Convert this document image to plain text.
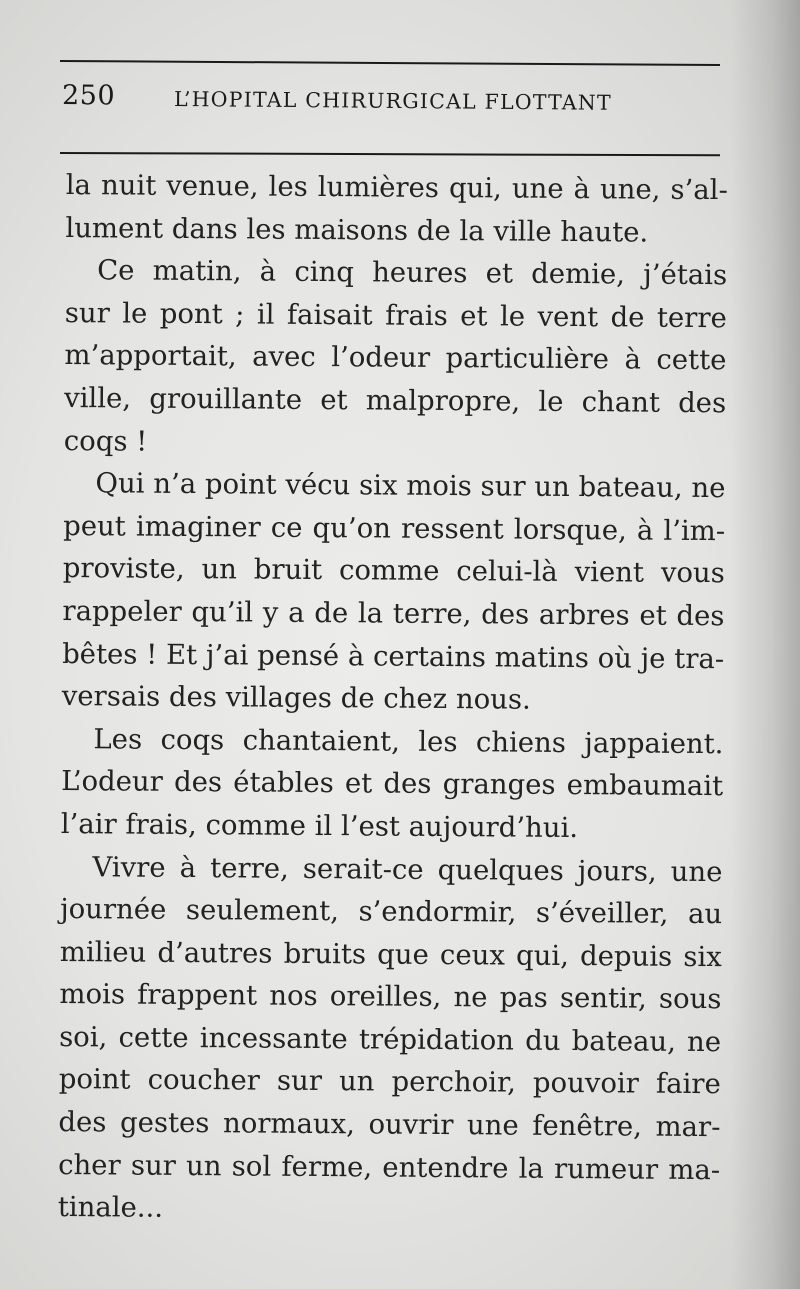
250	L’HOPITAL CHIRURGICAL FLOTTANT
la nuit venue, les lumières qui, une à une, s’al-
lument dans les maisons de la ville haute.
Ce matin, à cinq heures et demie, j’étais
sur le pont ; il faisait frais et le vent de terre
m’apportait, avec l’odeur particulière à cette
ville, grouillante et malpropre, le chant des
coqs !
Qui n’a point vécu six mois sur un bateau, ne
peut imaginer ce qu’on ressent lorsque, à l’im-
proviste, un bruit comme celui-là vient vous
rappeler qu’il y a de la terre, des arbres et des
bêtes ! Et j’ai pensé à certains matins où je tra-
versais des villages de chez nous.
Les coqs chantaient, les chiens jappaient.
L’odeur des étables et des granges embaumait
l’air frais, comme il l’est aujourd’hui.
Vivre à terre, serait-ce quelques jours, une
journée seulement, s’endormir, s’éveiller, au
milieu d’autres bruits que ceux qui, depuis six
mois frappent nos oreilles, ne pas sentir, sous
soi, cette incessante trépidation du bateau, ne
point coucher sur un perchoir, pouvoir faire
des gestes normaux, ouvrir une fenêtre, mar-
cher sur un sol ferme, entendre la rumeur ma-
tinale...
